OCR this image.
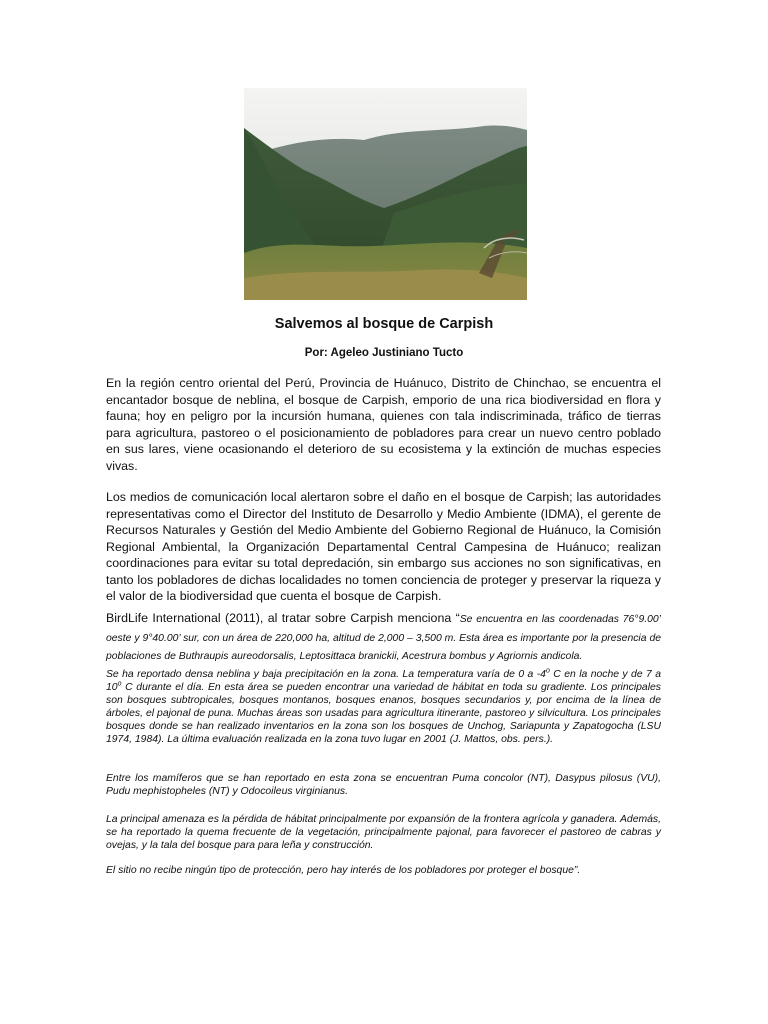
Salvemos al bosque de Carpish

Por: Ageleo Justiniano Tucto

En la región centro oriental del Perú, Provincia de Huánuco, Distrito de Chinchao, se encuentra el encantador bosque de neblina, el bosque de Carpish, emporio de una rica biodiversidad en flora y fauna; hoy en peligro por la incursión humana, quienes con tala indiscriminada, tráfico de tierras para agricultura, pastoreo o el posicionamiento de pobladores para crear un nuevo centro poblado en sus lares, viene ocasionando el deterioro de su ecosistema y la extinción de muchas especies vivas.

Los medios de comunicación local alertaron sobre el daño en el bosque de Carpish; las autoridades representativas como el Director del Instituto de Desarrollo y Medio Ambiente (IDMA), el gerente de Recursos Naturales y Gestión del Medio Ambiente del Gobierno Regional de Huánuco, la Comisión Regional Ambiental, la Organización Departamental Central Campesina de Huánuco; realizan coordinaciones para evitar su total depredación, sin embargo sus acciones no son significativas, en tanto los pobladores de dichas localidades no tomen conciencia de proteger y preservar la riqueza y el valor de la biodiversidad que cuenta el bosque de Carpish.

BirdLife International (2011), al tratar sobre Carpish menciona “Se encuentra en las coordenadas 76°9.00’ oeste y 9°40.00’ sur, con un área de 220,000 ha, altitud de 2,000 – 3,500 m. Esta área es importante por la presencia de poblaciones de Buthraupis aureodorsalis, Leptosittaca branickii, Acestrura bombus y Agriornis andicola.

Se ha reportado densa neblina y baja precipitación en la zona. La temperatura varía de 0 a -4$^o$ C en la noche y de 7 a 10$^o$ C durante el día. En esta área se pueden encontrar una variedad de hábitat en toda su gradiente. Los principales son bosques subtropicales, bosques montanos, bosques enanos, bosques secundarios y, por encima de la línea de árboles, el pajonal de puna. Muchas áreas son usadas para agricultura itinerante, pastoreo y silvicultura. Los principales bosques donde se han realizado inventarios en la zona son los bosques de Unchog, Sariapunta y Zapatogocha (LSU 1974, 1984). La última evaluación realizada en la zona tuvo lugar en 2001 (J. Mattos, obs. pers.).

Entre los mamíferos que se han reportado en esta zona se encuentran Puma concolor (NT), Dasypus pilosus (VU), Pudu mephistopheles (NT) y Odocoileus virginianus.

La principal amenaza es la pérdida de hábitat principalmente por expansión de la frontera agrícola y ganadera. Además, se ha reportado la quema frecuente de la vegetación, principalmente pajonal, para favorecer el pastoreo de cabras y ovejas, y la tala del bosque para para leña y construcción.

El sitio no recibe ningún tipo de protección, pero hay interés de los pobladores por proteger el bosque”.
